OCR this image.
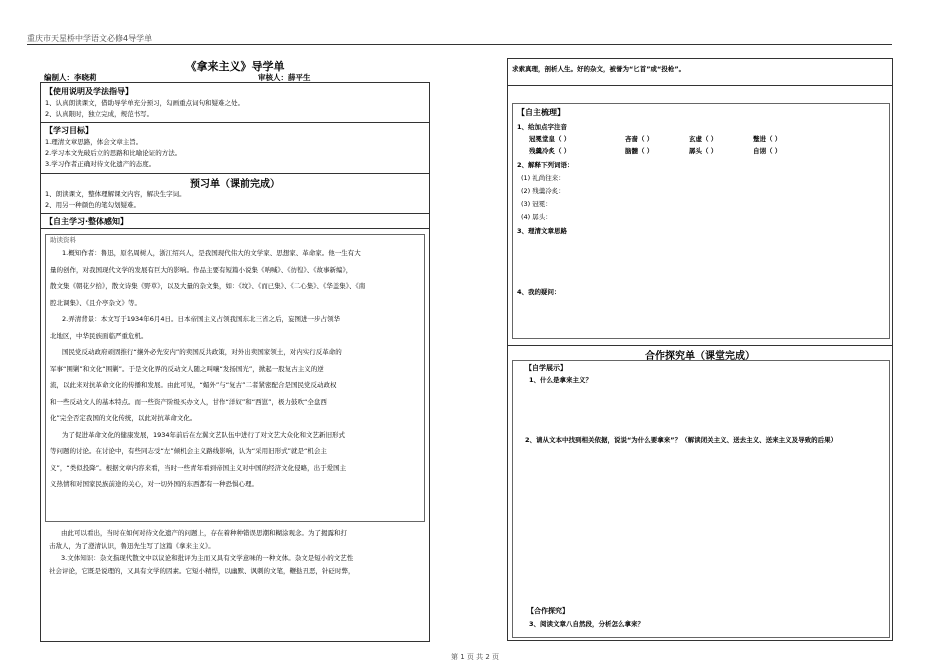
重庆市天星桥中学语文必修4导学单
第 1 页 共 2 页
《拿来主义》导学单
编制人：李晓莉	审核人：薛平生
【使用说明及学法指导】
1、认真朗读课文，借助导学单充分预习，勾画重点词句和疑难之处。
2、认真限时，独立完成，规范书写。
【学习目标】
1.理清文章思路，体会文章主旨。
2.学习本文先破后立的思路和比喻论证的方法。
3.学习作者正确对待文化遗产的态度。
预习单（课前完成）
1、朗读课文，整体理解课文内容，解决生字词。
2、用另一种颜色的笔勾划疑难。
【自主学习·整体感知】
助读资料

1.概知作者：鲁迅，原名周树人，浙江绍兴人，是我国现代伟大的文学家、思想家、革命家。他一生有大

量的创作，对我国现代文学的发展有巨大的影响。作品主要有短篇小说集《呐喊》、《彷徨》、《故事新编》，

散文集《朝花夕拾》，散文诗集《野草》，以及大量的杂文集，如：《坟》、《而已集》、《二心集》、《华盖集》、《南

腔北调集》、《且介亭杂文》等。

2.弄清背景：本文写于1934年6月4日。日本帝国主义占领我国东北三省之后，妄图进一步占领华

北地区，中华民族面临严重危机。

国民党反动政府顽固推行“攘外必先安内”的卖国反共政策，对外出卖国家领土，对内实行反革命的

军事“围剿”和文化“围剿”。于是文化界的反动文人随之叫嚷“发扬国光”，掀起一股复古主义的逆

流，以此来对抗革命文化的传播和发展。由此可见，“媚外”与“复古”二者紧密配合是国民党反动政权

和一些反动文人的基本特点。而一些资产阶级买办文人，甘作“洋奴”和“西崽”，极力鼓吹“全盘西

化”完全否定我国的文化传统，以此对抗革命文化。

为了促进革命文化的健康发展，1934年前后在左翼文艺队伍中进行了对文艺大众化和文艺新旧形式

等问题的讨论。在讨论中，有些同志受“左”倾机会主义路线影响，认为“采用旧形式”就是“机会主

义”，“类似投降”。根据文章内容来看，当时一些青年看到帝国主义对中国的经济文化侵略，出于爱国主

义热情和对国家民族前途的关心，对一切外国的东西都有一种恐惧心理。

由此可以看出，当时在如何对待文化遗产的问题上，存在着种种错误思潮和糊涂观念。为了揭露和打

击敌人，为了澄清认识，鲁迅先生写了这篇《拿来主义》。

3.文体知识：杂文指现代散文中以议论和批评为主而又具有文学意味的一种文体。杂文是短小的文艺性

社会评论，它既是说理的，又具有文学的因素。它短小精悍，以幽默、讽刺的文笔，鞭挞丑恶，针砭时弊，

求索真理，剖析人生。好的杂文，被誉为“匕首”或“投枪”。
【自主梳理】
1、给加点字注音
冠冕堂皇（ ）	吝啬（ ）	玄虚（ ）	蹩进（ ）
残羹冷炙（ ）	脑髓（ ）	孱头（ ）	自诩（ ）
2、解释下列词语：
(1) 礼尚往来：
(2) 残羹冷炙：
(3) 冠冕：
(4) 孱头：
3、理清文章思路
4、我的疑问：
合作探究单（课堂完成）
【自学展示】
1、什么是拿来主义？
2、请从文本中找到相关依据，说说“为什么要拿来”？（解读闭关主义、送去主义、送来主义及导致的后果）
【合作探究】
3、阅读文章八自然段，分析怎么拿来？
